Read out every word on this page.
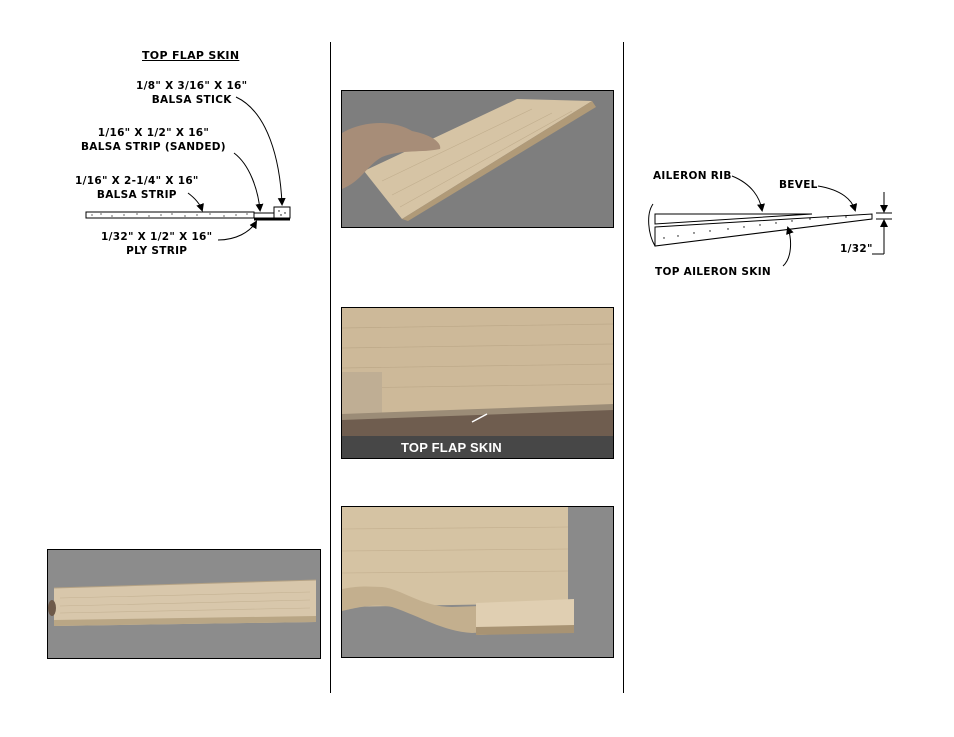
TOP FLAP SKIN
1/8" X 3/16" X 16"
BALSA STICK
1/16" X 1/2" X 16"
BALSA STRIP (SANDED)
1/16" X 2-1/4" X 16"
BALSA STRIP
1/32" X 1/2" X 16"
PLY STRIP
TOP FLAP SKIN
AILERON RIB
BEVEL
TOP AILERON SKIN
1/32"
